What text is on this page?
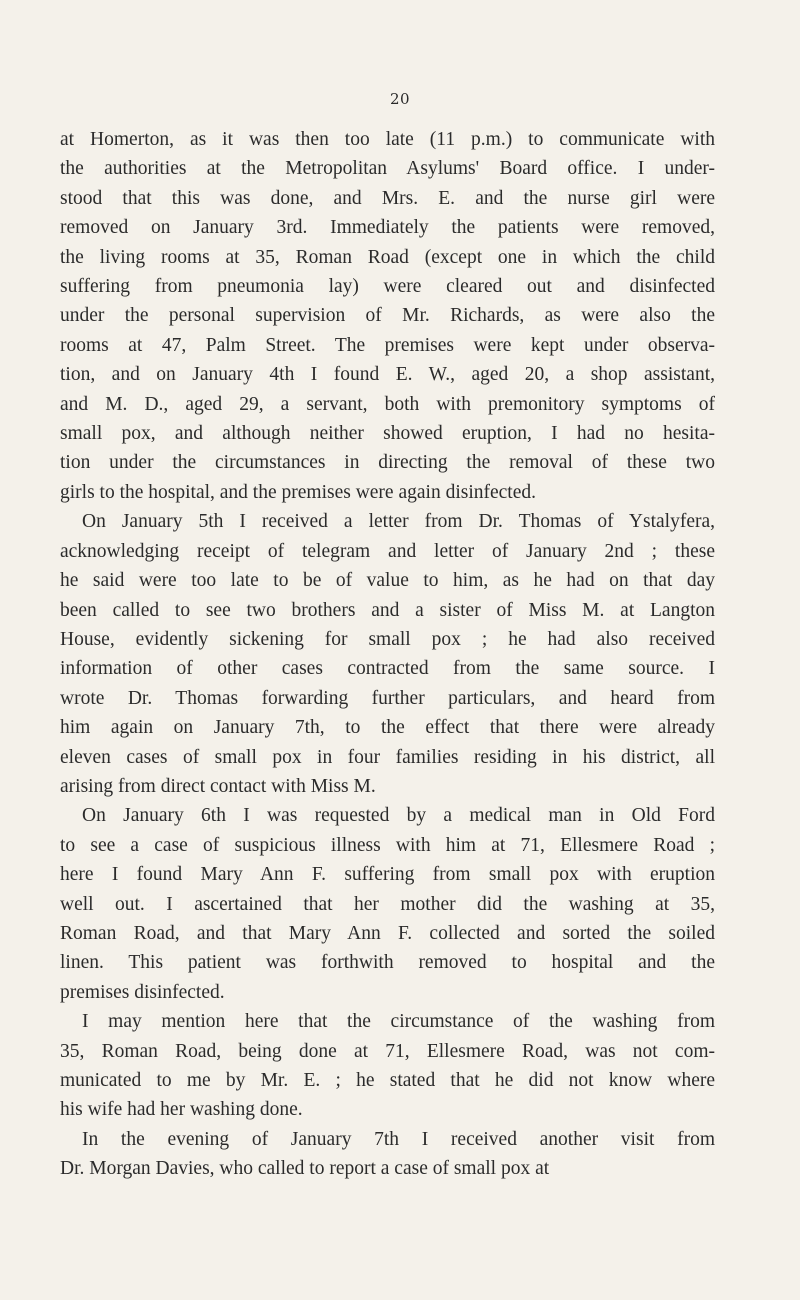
20

at Homerton, as it was then too late (11 p.m.) to communicate with
the authorities at the Metropolitan Asylums' Board office. I under-
stood that this was done, and Mrs. E. and the nurse girl were
removed on January 3rd. Immediately the patients were removed,
the living rooms at 35, Roman Road (except one in which the child
suffering from pneumonia lay) were cleared out and disinfected
under the personal supervision of Mr. Richards, as were also the
rooms at 47, Palm Street. The premises were kept under observa-
tion, and on January 4th I found E. W., aged 20, a shop assistant,
and M. D., aged 29, a servant, both with premonitory symptoms of
small pox, and although neither showed eruption, I had no hesita-
tion under the circumstances in directing the removal of these two
girls to the hospital, and the premises were again disinfected.

On January 5th I received a letter from Dr. Thomas of Ystalyfera,
acknowledging receipt of telegram and letter of January 2nd ; these
he said were too late to be of value to him, as he had on that day
been called to see two brothers and a sister of Miss M. at Langton
House, evidently sickening for small pox ; he had also received
information of other cases contracted from the same source. I
wrote Dr. Thomas forwarding further particulars, and heard from
him again on January 7th, to the effect that there were already
eleven cases of small pox in four families residing in his district, all
arising from direct contact with Miss M.

On January 6th I was requested by a medical man in Old Ford
to see a case of suspicious illness with him at 71, Ellesmere Road ;
here I found Mary Ann F. suffering from small pox with eruption
well out. I ascertained that her mother did the washing at 35,
Roman Road, and that Mary Ann F. collected and sorted the soiled
linen. This patient was forthwith removed to hospital and the
premises disinfected.

I may mention here that the circumstance of the washing from
35, Roman Road, being done at 71, Ellesmere Road, was not com-
municated to me by Mr. E. ; he stated that he did not know where
his wife had her washing done.

In the evening of January 7th I received another visit from
Dr. Morgan Davies, who called to report a case of small pox at
